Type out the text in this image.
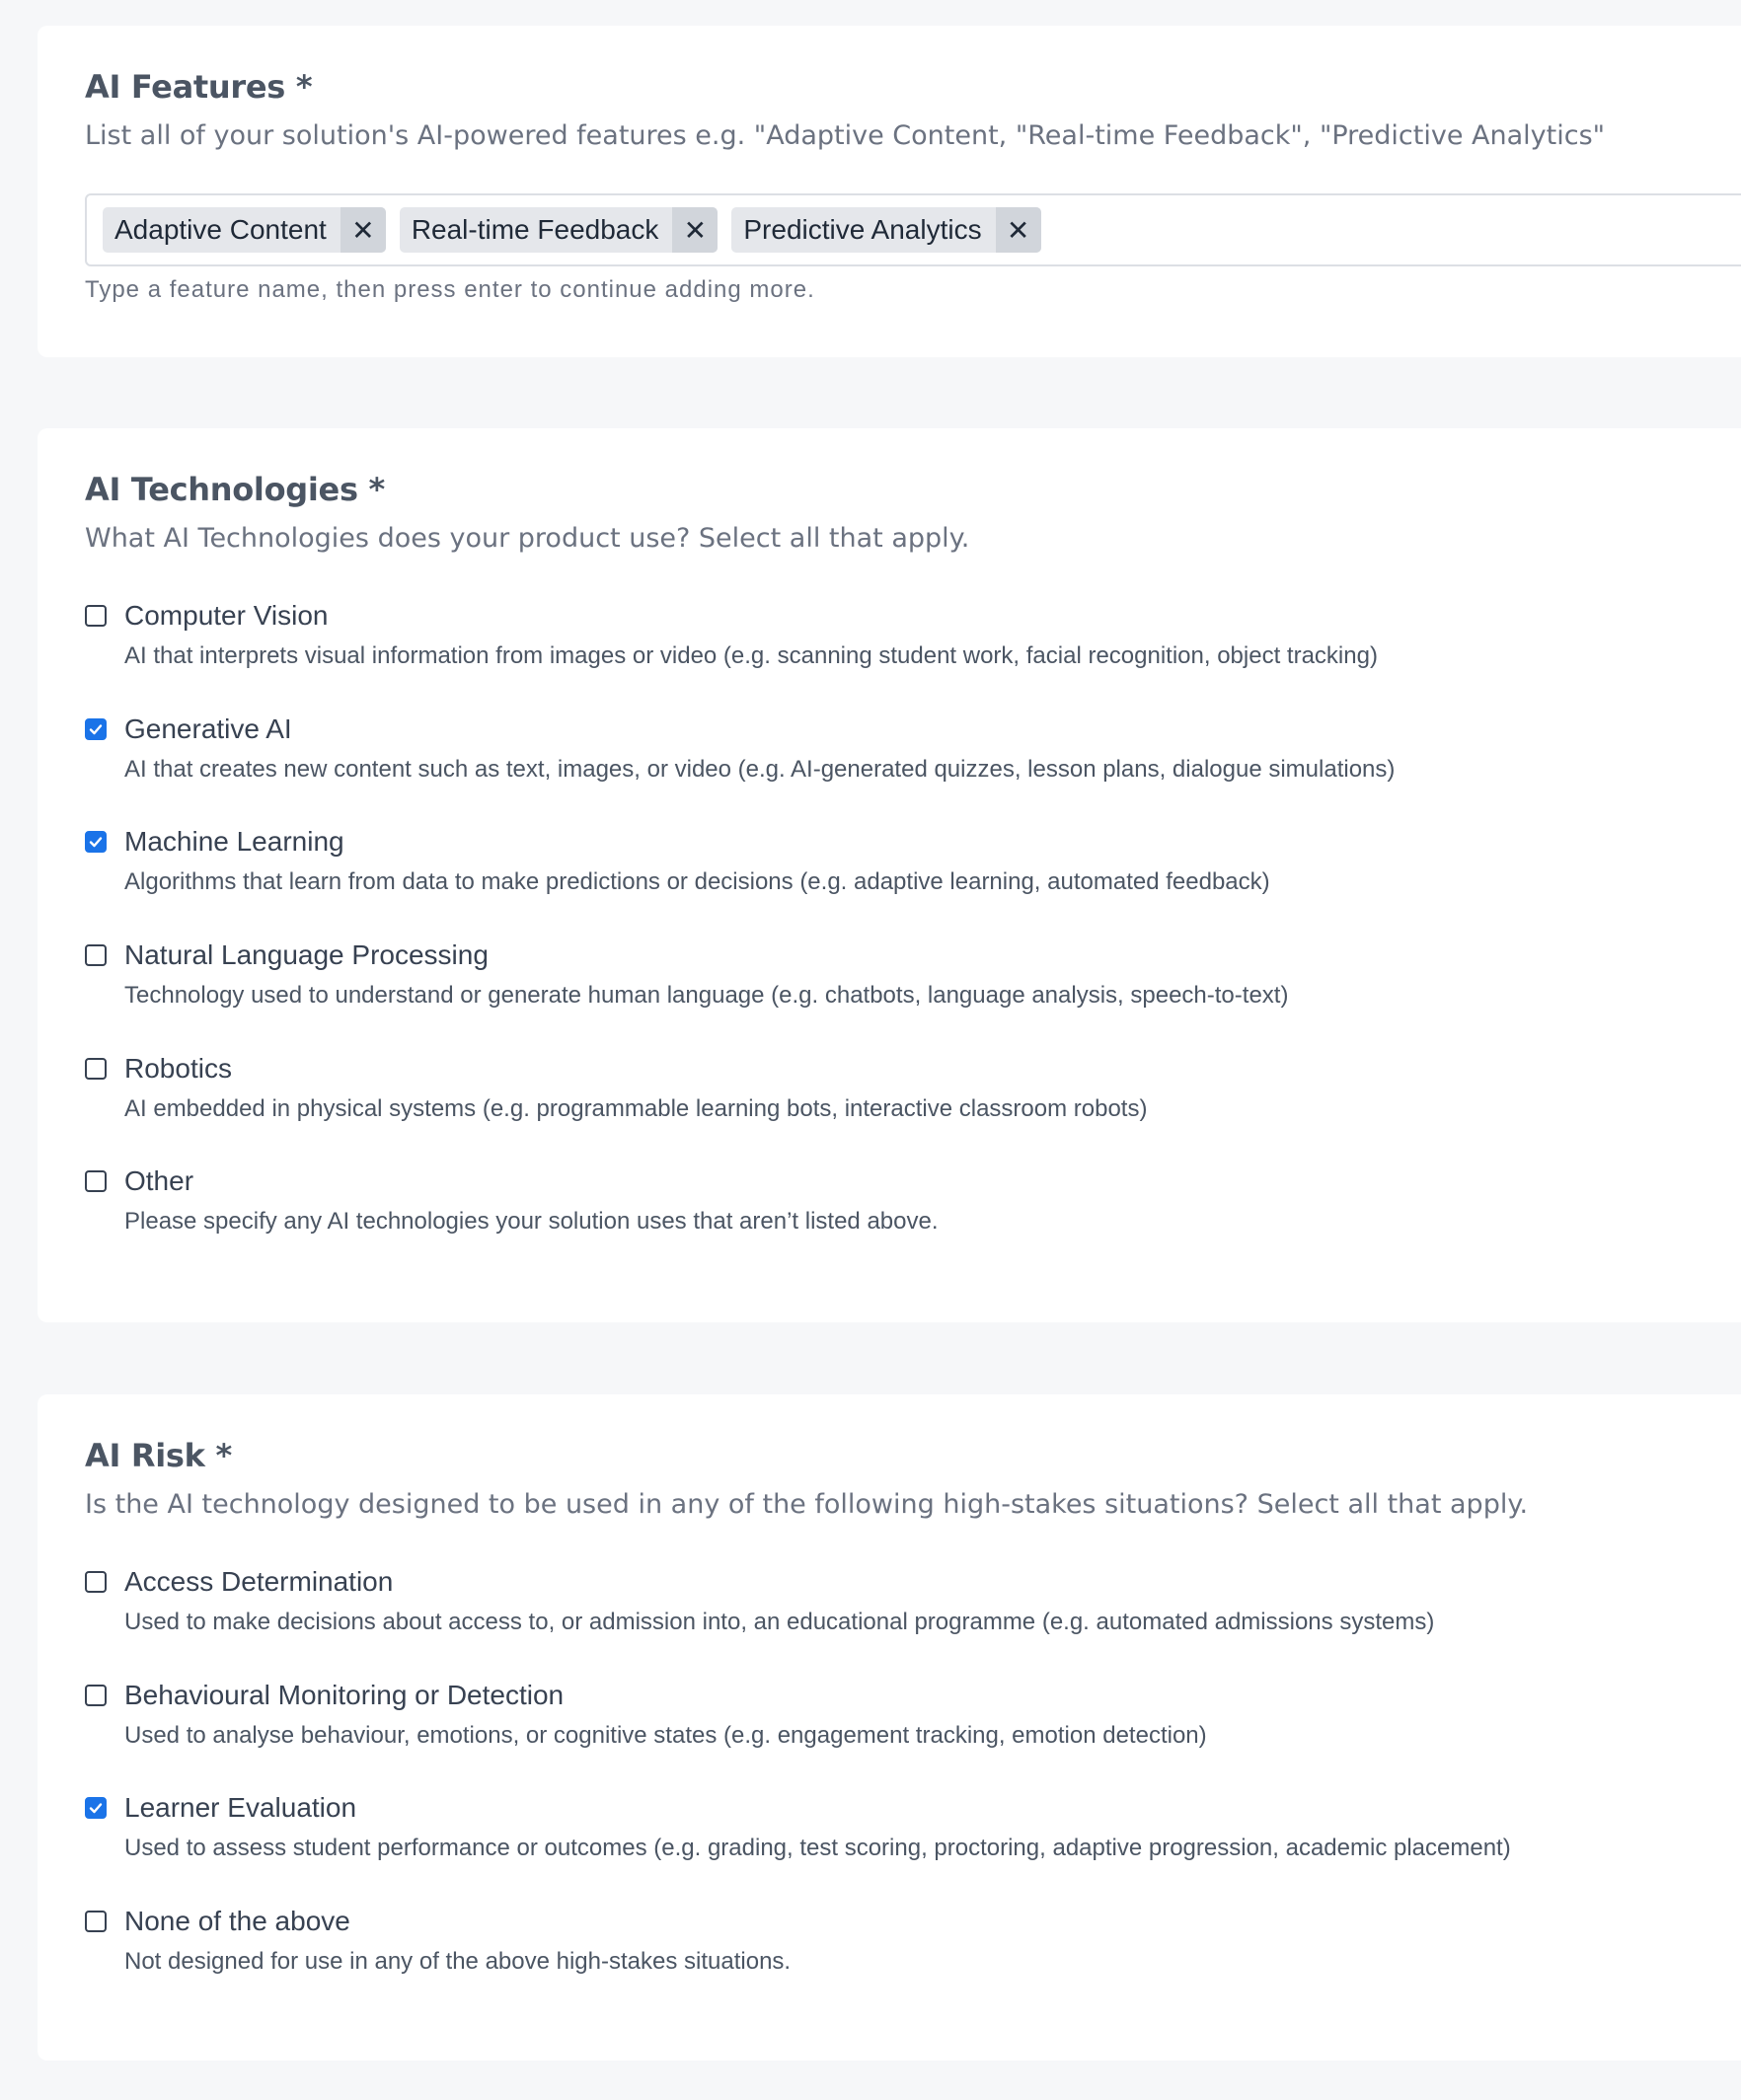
AI Features *

List all of your solution's AI-powered features e.g. "Adaptive Content, "Real-time Feedback", "Predictive Analytics"

Adaptive Content ✕	Real-time Feedback ✕	Predictive Analytics ✕

Type a feature name, then press enter to continue adding more.

AI Technologies *

What AI Technologies does your product use? Select all that apply.

Computer Vision
AI that interprets visual information from images or video (e.g. scanning student work, facial recognition, object tracking)
Generative AI
AI that creates new content such as text, images, or video (e.g. AI-generated quizzes, lesson plans, dialogue simulations)
Machine Learning
Algorithms that learn from data to make predictions or decisions (e.g. adaptive learning, automated feedback)
Natural Language Processing
Technology used to understand or generate human language (e.g. chatbots, language analysis, speech-to-text)
Robotics
AI embedded in physical systems (e.g. programmable learning bots, interactive classroom robots)
Other
Please specify any AI technologies your solution uses that aren’t listed above.
AI Risk *

Is the AI technology designed to be used in any of the following high-stakes situations? Select all that apply.

Access Determination
Used to make decisions about access to, or admission into, an educational programme (e.g. automated admissions systems)
Behavioural Monitoring or Detection
Used to analyse behaviour, emotions, or cognitive states (e.g. engagement tracking, emotion detection)
Learner Evaluation
Used to assess student performance or outcomes (e.g. grading, test scoring, proctoring, adaptive progression, academic placement)
None of the above
Not designed for use in any of the above high-stakes situations.
